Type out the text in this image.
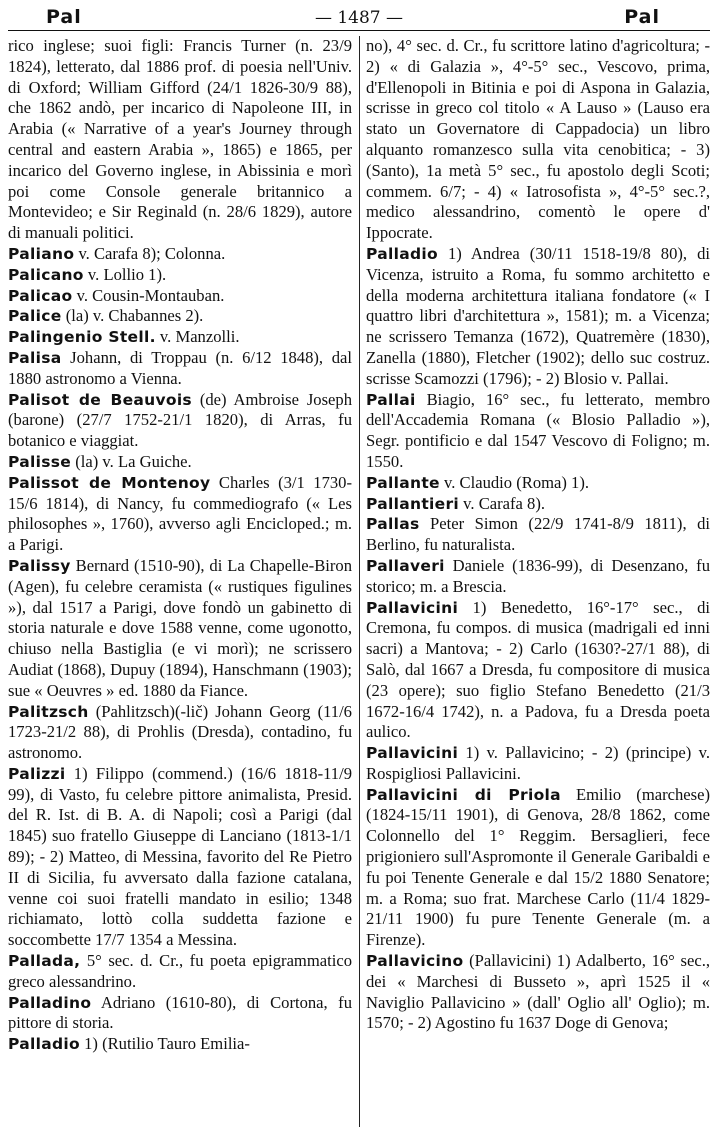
Pal	— 1487 —	Pal

rico inglese; suoi figli: Francis Turner (n. 23/9 1824), letterato, dal 1886 prof. di poesia nell'Univ. di Oxford; William Gifford (24/1 1826-30/9 88), che 1862 andò, per incarico di Napoleone III, in Arabia (« Narrative of a year's Journey through central and eastern Arabia », 1865) e 1865, per incarico del Governo inglese, in Abissinia e morì poi come Console generale britannico a Montevideo; e Sir Reginald (n. 28/6 1829), autore di manuali politici.

Paliano v. Carafa 8); Colonna.

Palicano v. Lollio 1).

Palicao v. Cousin-Montauban.

Palice (la) v. Chabannes 2).

Palingenio Stell. v. Manzolli.

Palisa Johann, di Troppau (n. 6/12 1848), dal 1880 astronomo a Vienna.

Palisot de Beauvois (de) Ambroise Joseph (barone) (27/7 1752-21/1 1820), di Arras, fu botanico e viaggiat.

Palisse (la) v. La Guiche.

Palissot de Montenoy Charles (3/1 1730-15/6 1814), di Nancy, fu commediografo (« Les philosophes », 1760), avverso agli Encicloped.; m. a Parigi.

Palissy Bernard (1510-90), di La Chapelle-Biron (Agen), fu celebre ceramista (« rustiques figulines »), dal 1517 a Parigi, dove fondò un gabinetto di storia naturale e dove 1588 venne, come ugonotto, chiuso nella Bastiglia (e vi morì); ne scrissero Audiat (1868), Dupuy (1894), Hanschmann (1903); sue « Oeuvres » ed. 1880 da Fiance.

Palitzsch (Pahlitzsch)(-lič) Johann Georg (11/6 1723-21/2 88), di Prohlis (Dresda), contadino, fu astronomo.

Palizzi 1) Filippo (commend.) (16/6 1818-11/9 99), di Vasto, fu celebre pittore animalista, Presid. del R. Ist. di B. A. di Napoli; così a Parigi (dal 1845) suo fratello Giuseppe di Lanciano (1813-1/1 89); - 2) Matteo, di Messina, favorito del Re Pietro II di Sicilia, fu avversato dalla fazione catalana, venne coi suoi fratelli mandato in esilio; 1348 richiamato, lottò colla suddetta fazione e soccombette 17/7 1354 a Messina.

Pallada, 5° sec. d. Cr., fu poeta epigrammatico greco alessandrino.

Palladino Adriano (1610-80), di Cortona, fu pittore di storia.

Palladio 1) (Rutilio Tauro Emilia-

no), 4° sec. d. Cr., fu scrittore latino d'agricoltura; - 2) « di Galazia », 4°-5° sec., Vescovo, prima, d'Ellenopoli in Bitinia e poi di Aspona in Galazia, scrisse in greco col titolo « A Lauso » (Lauso era stato un Governatore di Cappadocia) un libro alquanto romanzesco sulla vita cenobitica; - 3) (Santo), 1a metà 5° sec., fu apostolo degli Scoti; commem. 6/7; - 4) « Iatrosofista », 4°-5° sec.?, medico alessandrino, comentò le opere d' Ippocrate.

Palladio 1) Andrea (30/11 1518-19/8 80), di Vicenza, istruito a Roma, fu sommo architetto e della moderna architettura italiana fondatore (« I quattro libri d'architettura », 1581); m. a Vicenza; ne scrissero Temanza (1672), Quatremère (1830), Zanella (1880), Fletcher (1902); dello suc costruz. scrisse Scamozzi (1796); - 2) Blosio v. Pallai.

Pallai Biagio, 16° sec., fu letterato, membro dell'Accademia Romana (« Blosio Palladio »), Segr. pontificio e dal 1547 Vescovo di Foligno; m. 1550.

Pallante v. Claudio (Roma) 1).

Pallantieri v. Carafa 8).

Pallas Peter Simon (22/9 1741-8/9 1811), di Berlino, fu naturalista.

Pallaveri Daniele (1836-99), di Desenzano, fu storico; m. a Brescia.

Pallavicini 1) Benedetto, 16°-17° sec., di Cremona, fu compos. di musica (madrigali ed inni sacri) a Mantova; - 2) Carlo (1630?-27/1 88), di Salò, dal 1667 a Dresda, fu compositore di musica (23 opere); suo figlio Stefano Benedetto (21/3 1672-16/4 1742), n. a Padova, fu a Dresda poeta aulico.

Pallavicini 1) v. Pallavicino; - 2) (principe) v. Rospigliosi Pallavicini.

Pallavicini di Priola Emilio (marchese) (1824-15/11 1901), di Genova, 28/8 1862, come Colonnello del 1° Reggim. Bersaglieri, fece prigioniero sull'Aspromonte il Generale Garibaldi e fu poi Tenente Generale e dal 15/2 1880 Senatore; m. a Roma; suo frat. Marchese Carlo (11/4 1829-21/11 1900) fu pure Tenente Generale (m. a Firenze).

Pallavicino (Pallavicini) 1) Adalberto, 16° sec., dei « Marchesi di Busseto », aprì 1525 il « Naviglio Pallavicino » (dall' Oglio all' Oglio); m. 1570; - 2) Agostino fu 1637 Doge di Genova;
